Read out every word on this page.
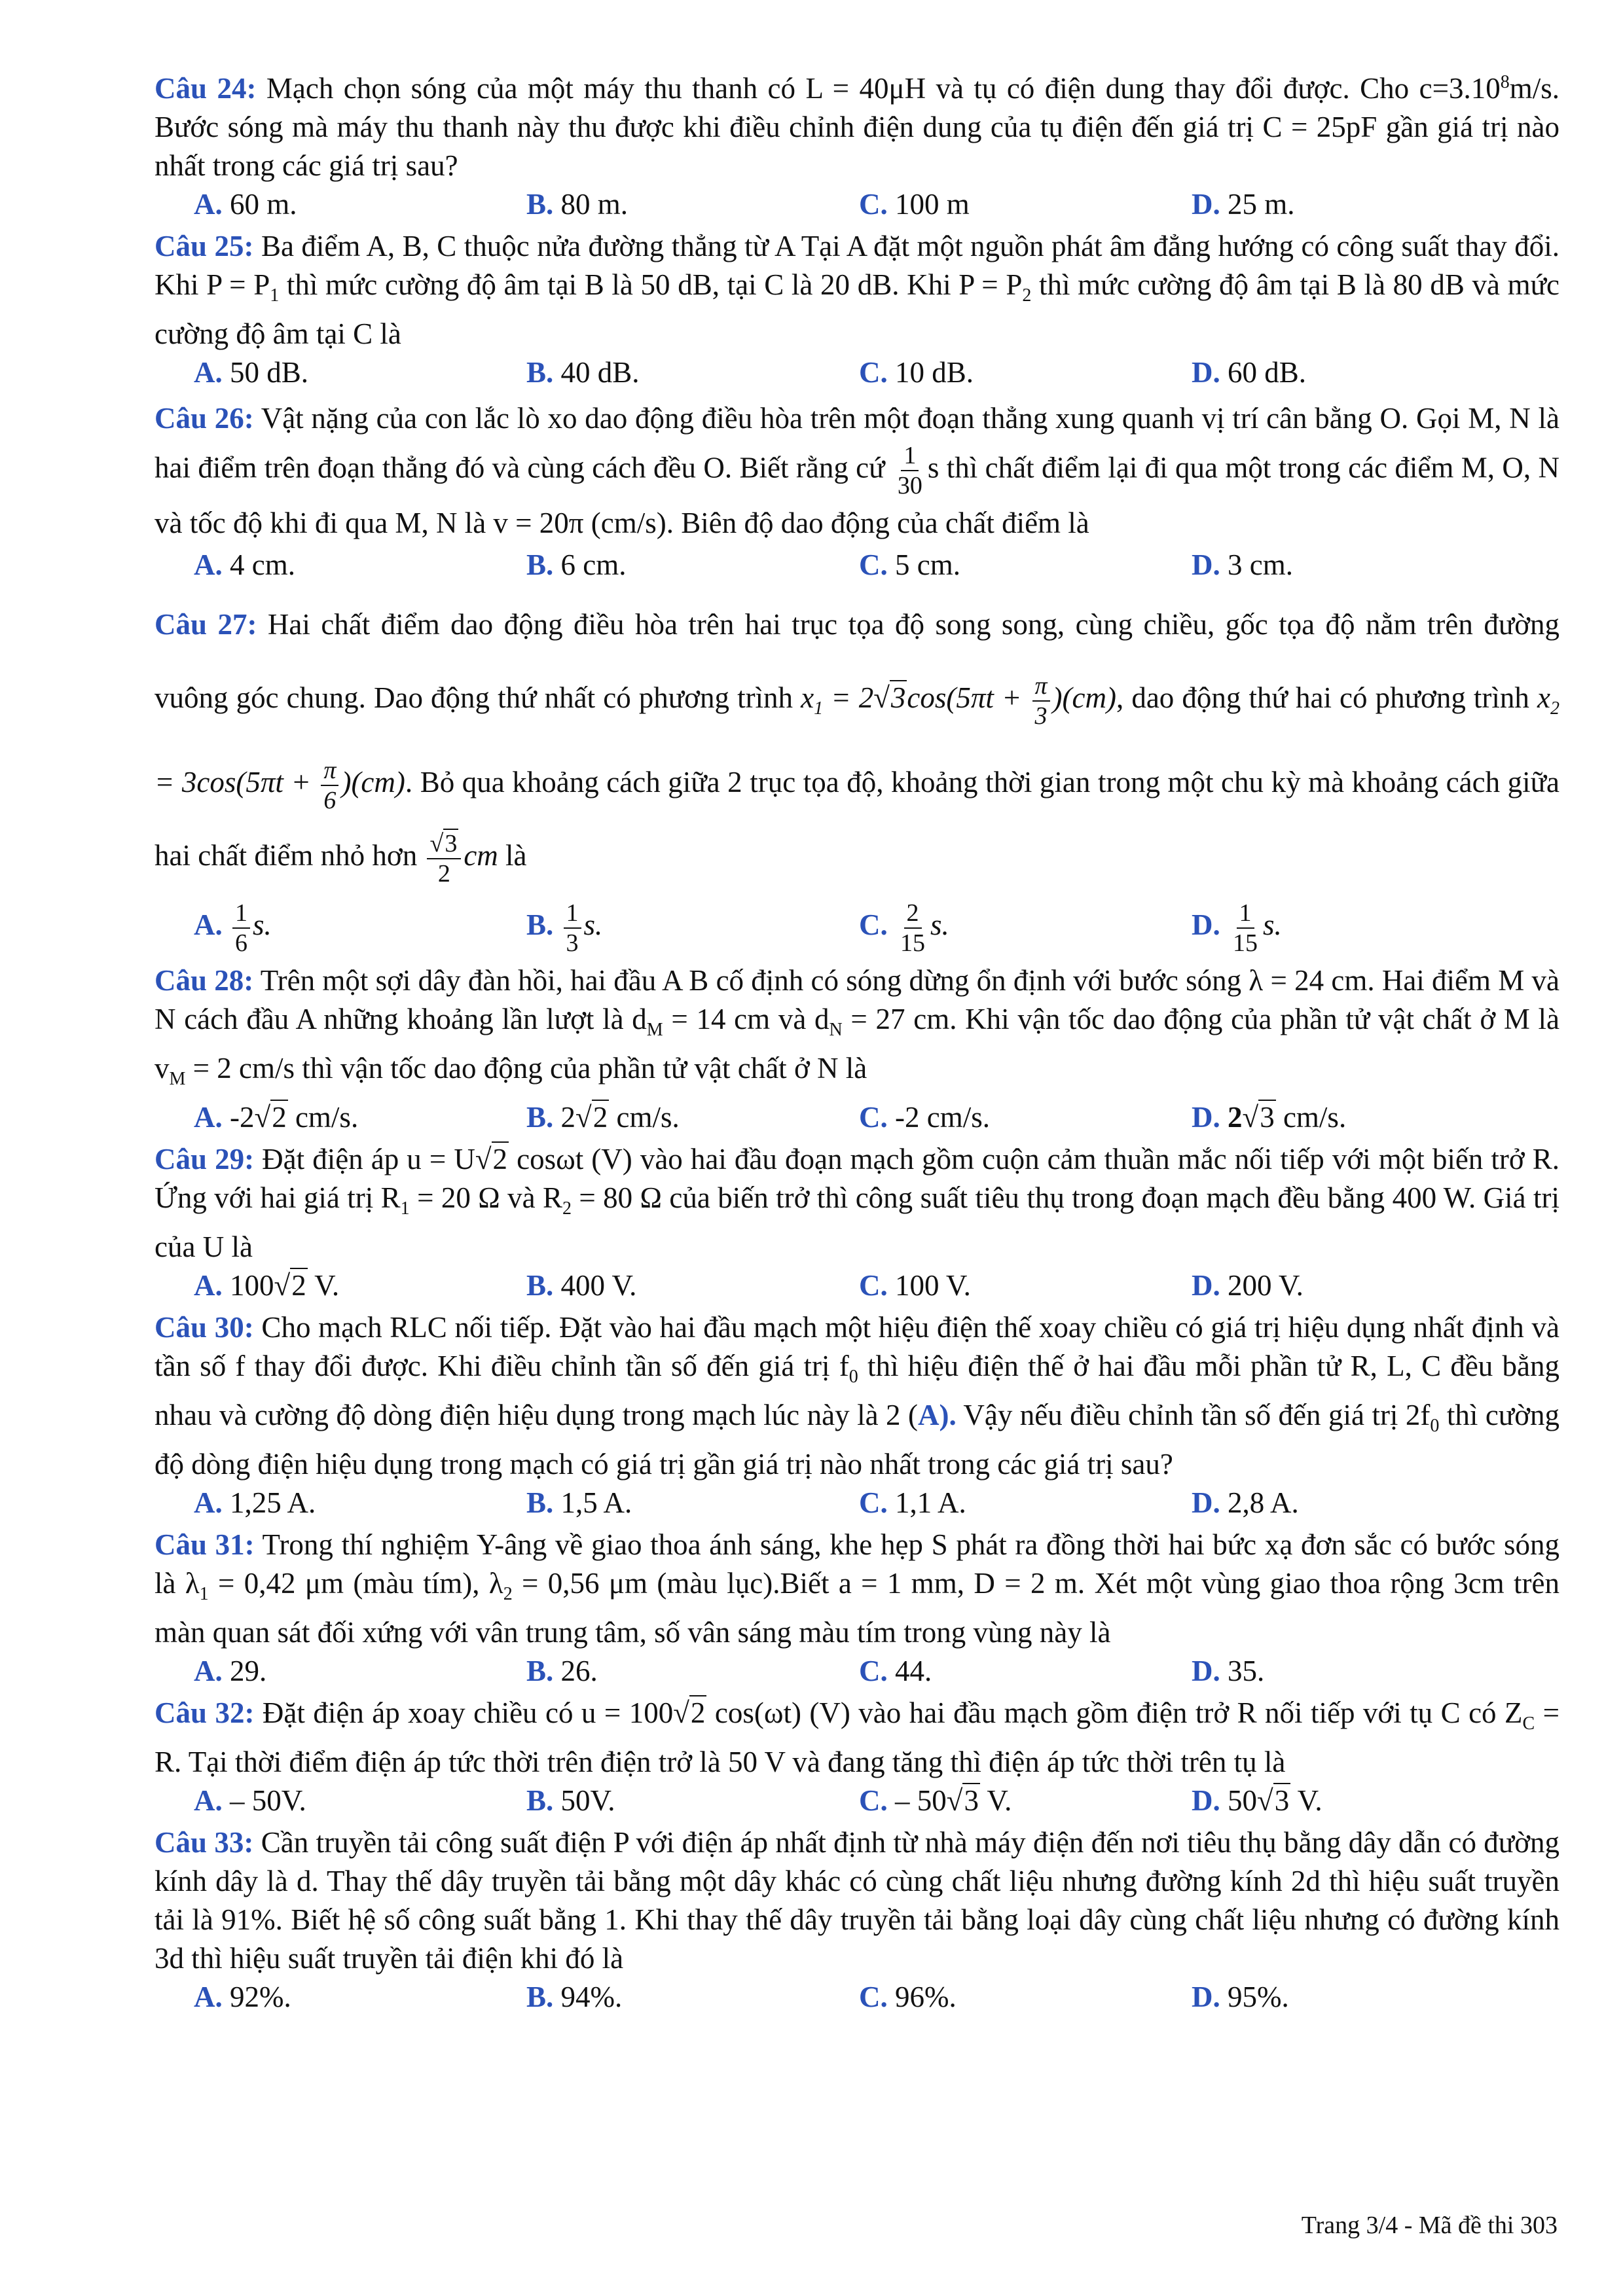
Câu 24: Mạch chọn sóng của một máy thu thanh có L = 40μH và tụ có điện dung thay đổi được. Cho $c=3.10^8m/s$. Bước sóng mà máy thu thanh này thu được khi điều chỉnh điện dung của tụ điện đến giá trị C = 25pF gần giá trị nào nhất trong các giá trị sau?
A. 60 m.	B. 80 m.	C. 100 m	D. 25 m.
Câu 25: Ba điểm A, B, C thuộc nửa đường thẳng từ A Tại A đặt một nguồn phát âm đẳng hướng có công suất thay đổi. Khi $P = P_1$ thì mức cường độ âm tại B là 50 dB, tại C là 20 dB. Khi $P = P_2$ thì mức cường độ âm tại B là 80 dB và mức cường độ âm tại C là
A. 50 dB.	B. 40 dB.	C. 10 dB.	D. 60 dB.
Câu 26: Vật nặng của con lắc lò xo dao động điều hòa trên một đoạn thẳng xung quanh vị trí cân bằng O. Gọi M, N là hai điểm trên đoạn thẳng đó và cùng cách đều O. Biết rằng cứ $\frac{1}{30}$ s thì chất điểm lại đi qua một trong các điểm M, O, N và tốc độ khi đi qua M, N là v = 20π (cm/s). Biên độ dao động của chất điểm là
A. 4 cm.	B. 6 cm.	C. 5 cm.	D. 3 cm.
Câu 27: Hai chất điểm dao động điều hòa trên hai trục tọa độ song song, cùng chiều, gốc tọa độ nằm trên đường vuông góc chung. Dao động thứ nhất có phương trình $x_1 = 2√3\cos(5\pi t + \frac{\pi}{3} )(cm)$, dao động thứ hai có phương trình $x_2 = 3\cos(5\pi t + \frac{\pi}{6} )(cm)$. Bỏ qua khoảng cách giữa 2 trục tọa độ, khoảng thời gian trong một chu kỳ mà khoảng cách giữa hai chất điểm nhỏ hơn $\frac{√3}{2}$ cm là
A. $\frac{1}{6} s$.	B. $\frac{1}{3} s$.	C. $\frac{2}{15} s$.	D. $\frac{1}{15} s$.
Câu 28: Trên một sợi dây đàn hồi, hai đầu A B cố định có sóng dừng ổn định với bước sóng λ = 24 cm. Hai điểm M và N cách đầu A những khoảng lần lượt là $d_M = 14$ cm và $d_N = 27$ cm. Khi vận tốc dao động của phần tử vật chất ở M là $v_M = 2$ cm/s thì vận tốc dao động của phần tử vật chất ở N là
A. -2√2 cm/s.	B. 2√2 cm/s.	C. -2 cm/s.	D. 2√3 cm/s.
Câu 29: Đặt điện áp u = U√2 cosωt (V) vào hai đầu đoạn mạch gồm cuộn cảm thuần mắc nối tiếp với một biến trở R. Ứng với hai giá trị $R_1 = 20$ Ω và $R_2 = 80$ Ω của biến trở thì công suất tiêu thụ trong đoạn mạch đều bằng 400 W. Giá trị của U là
A. 100√2 V.	B. 400 V.	C. 100 V.	D. 200 V.
Câu 30: Cho mạch RLC nối tiếp. Đặt vào hai đầu mạch một hiệu điện thế xoay chiều có giá trị hiệu dụng nhất định và tần số f thay đổi được. Khi điều chỉnh tần số đến giá trị $f_0$ thì hiệu điện thế ở hai đầu mỗi phần tử R, L, C đều bằng nhau và cường độ dòng điện hiệu dụng trong mạch lúc này là 2 (A). Vậy nếu điều chỉnh tần số đến giá trị $2f_0$ thì cường độ dòng điện hiệu dụng trong mạch có giá trị gần giá trị nào nhất trong các giá trị sau?
A. 1,25 A.	B. 1,5 A.	C. 1,1 A.	D. 2,8 A.
Câu 31: Trong thí nghiệm Y-âng về giao thoa ánh sáng, khe hẹp S phát ra đồng thời hai bức xạ đơn sắc có bước sóng là $\lambda_1 = 0,42$ μm (màu tím), $\lambda_2 = 0,56$ μm (màu lục).Biết a = 1 mm, D = 2 m. Xét một vùng giao thoa rộng 3cm trên màn quan sát đối xứng với vân trung tâm, số vân sáng màu tím trong vùng này là
A. 29.	B. 26.	C. 44.	D. 35.
Câu 32: Đặt điện áp xoay chiều có u = 100√2 cos(ωt) (V) vào hai đầu mạch gồm điện trở R nối tiếp với tụ C có $Z_C = R$. Tại thời điểm điện áp tức thời trên điện trở là 50 V và đang tăng thì điện áp tức thời trên tụ là
A. – 50V.	B. 50V.	C. – 50√3 V.	D. 50√3 V.
Câu 33: Cần truyền tải công suất điện P với điện áp nhất định từ nhà máy điện đến nơi tiêu thụ bằng dây dẫn có đường kính dây là d. Thay thế dây truyền tải bằng một dây khác có cùng chất liệu nhưng đường kính 2d thì hiệu suất truyền tải là 91%. Biết hệ số công suất bằng 1. Khi thay thế dây truyền tải bằng loại dây cùng chất liệu nhưng có đường kính 3d thì hiệu suất truyền tải điện khi đó là
A. 92%.	B. 94%.	C. 96%.	D. 95%.
Trang 3/4 - Mã đề thi 303
